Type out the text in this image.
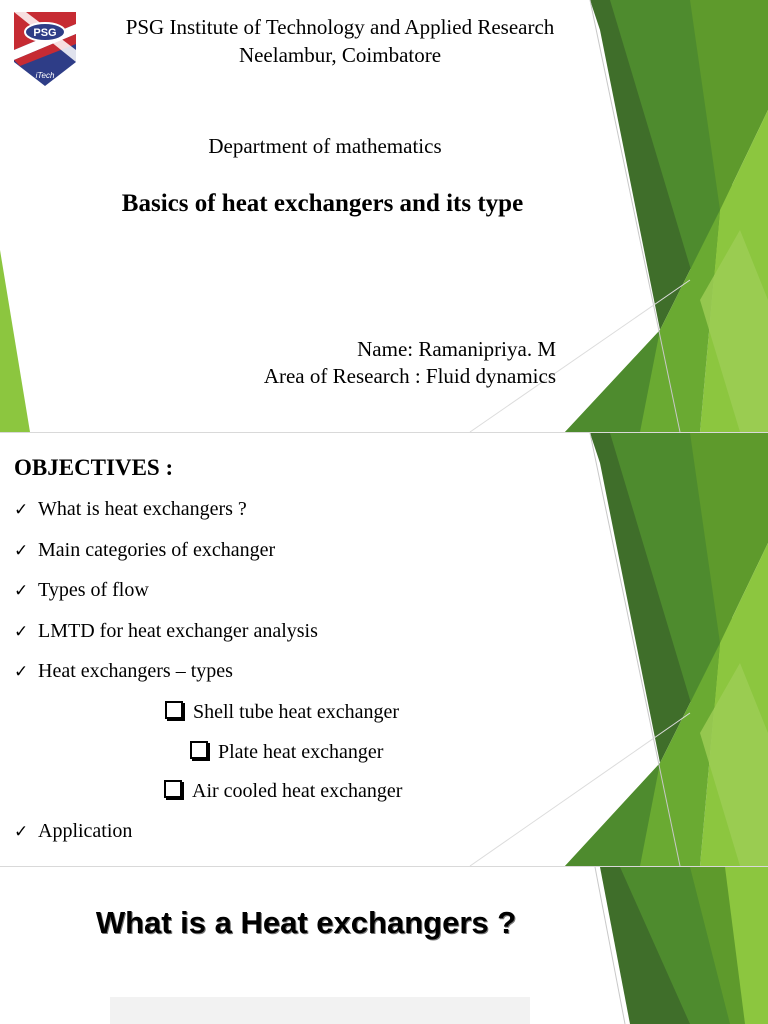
PSG
iTech
PSG Institute of Technology and Applied Research
Neelambur, Coimbatore
Department of mathematics
Basics of heat exchangers and its type
Name: Ramanipriya. M
Area of Research : Fluid dynamics
OBJECTIVES :
✓ What is heat exchangers ?
✓ Main categories of exchanger
✓ Types of flow
✓ LMTD for heat exchanger analysis
✓ Heat exchangers – types
Shell tube heat exchanger
Plate heat exchanger
Air cooled heat exchanger
✓ Application
What is a Heat exchangers ?
